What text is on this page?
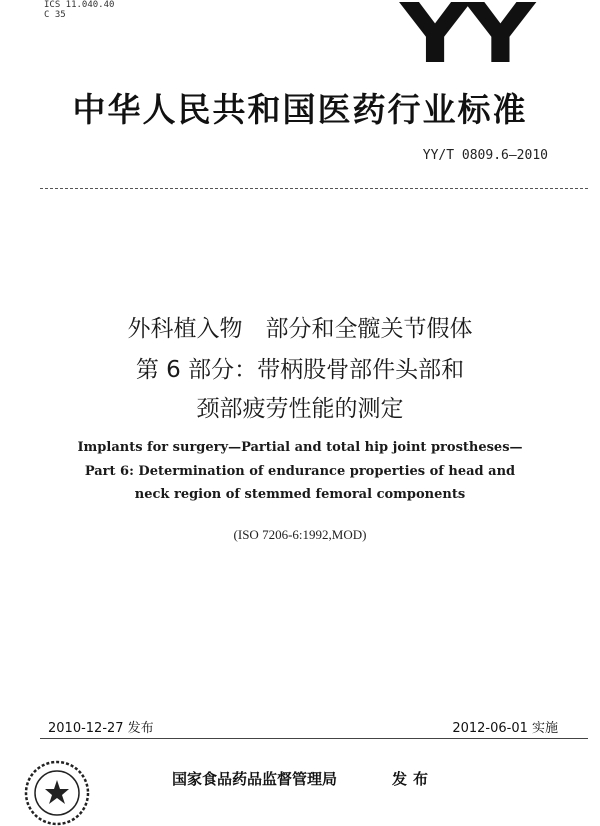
ICS 11.040.40
C 35	YY
中华人民共和国医药行业标准
YY/T 0809.6—2010
外科植入物　部分和全髋关节假体
第 6 部分：带柄股骨部件头部和
颈部疲劳性能的测定
Implants for surgery—Partial and total hip joint prostheses—
Part 6: Determination of endurance properties of head and
neck region of stemmed femoral components
(ISO 7206-6:1992,MOD)
2010-12-27 发布	2012-06-01 实施
国家食品药品监督管理局	发布
